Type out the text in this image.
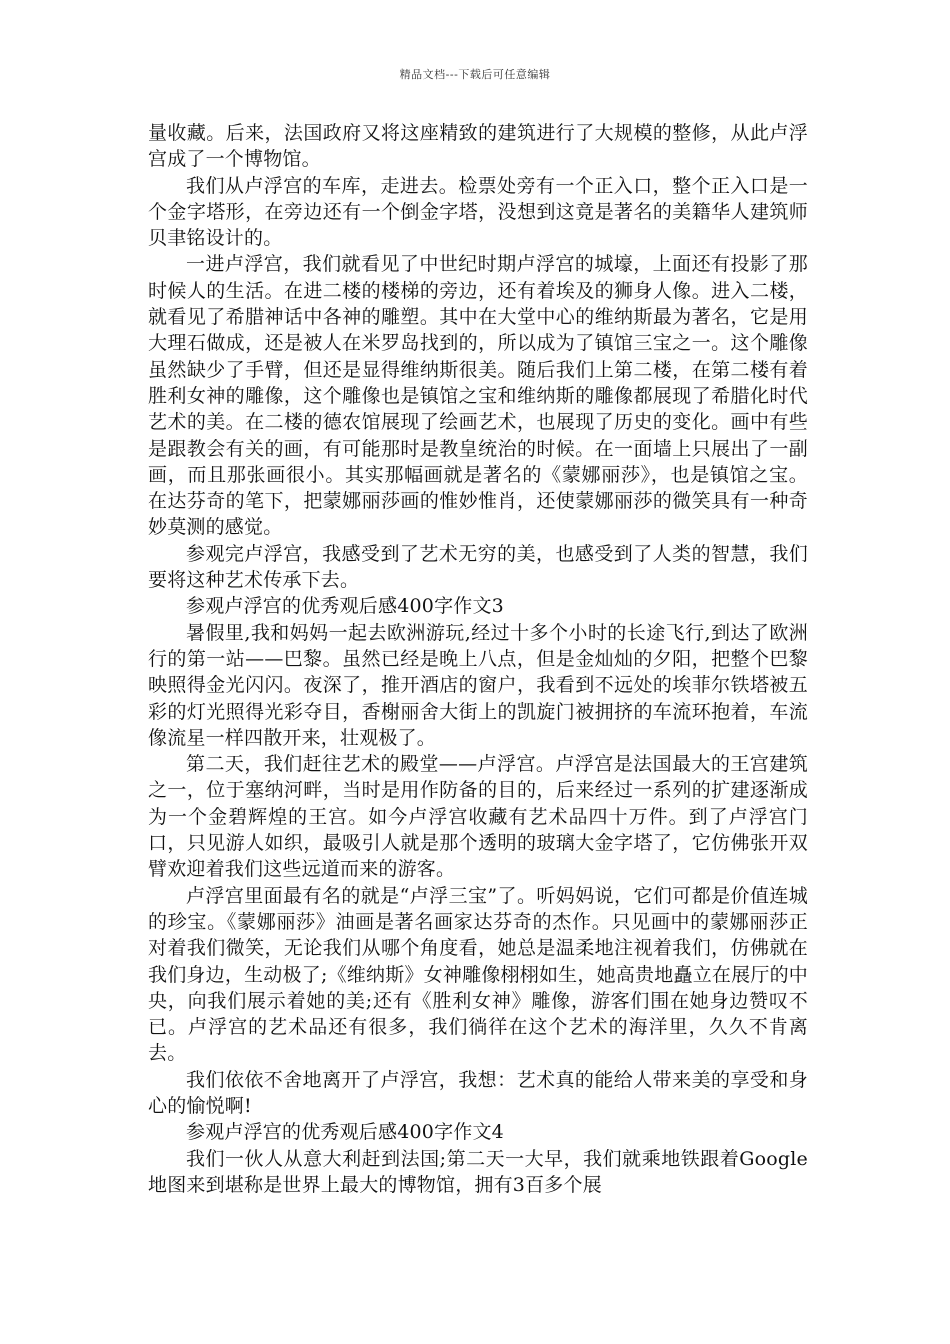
精品文档---下载后可任意编辑

量收藏。后来，法国政府又将这座精致的建筑进行了大规模的整修，从此卢浮宫成了一个博物馆。

我们从卢浮宫的车库，走进去。检票处旁有一个正入口，整个正入口是一个金字塔形，在旁边还有一个倒金字塔，没想到这竟是著名的美籍华人建筑师贝聿铭设计的。

一进卢浮宫，我们就看见了中世纪时期卢浮宫的城壕，上面还有投影了那时候人的生活。在进二楼的楼梯的旁边，还有着埃及的狮身人像。进入二楼，就看见了希腊神话中各神的雕塑。其中在大堂中心的维纳斯最为著名，它是用大理石做成，还是被人在米罗岛找到的，所以成为了镇馆三宝之一。这个雕像虽然缺少了手臂，但还是显得维纳斯很美。随后我们上第二楼，在第二楼有着胜利女神的雕像，这个雕像也是镇馆之宝和维纳斯的雕像都展现了希腊化时代艺术的美。在二楼的德农馆展现了绘画艺术，也展现了历史的变化。画中有些是跟教会有关的画，有可能那时是教皇统治的时候。在一面墙上只展出了一副画，而且那张画很小。其实那幅画就是著名的《蒙娜丽莎》，也是镇馆之宝。在达芬奇的笔下，把蒙娜丽莎画的惟妙惟肖，还使蒙娜丽莎的微笑具有一种奇妙莫测的感觉。

参观完卢浮宫，我感受到了艺术无穷的美，也感受到了人类的智慧，我们要将这种艺术传承下去。

参观卢浮宫的优秀观后感400字作文3

暑假里,我和妈妈一起去欧洲游玩,经过十多个小时的长途飞行,到达了欧洲行的第一站——巴黎。虽然已经是晚上八点，但是金灿灿的夕阳，把整个巴黎映照得金光闪闪。夜深了，推开酒店的窗户，我看到不远处的埃菲尔铁塔被五彩的灯光照得光彩夺目，香榭丽舍大街上的凯旋门被拥挤的车流环抱着，车流像流星一样四散开来，壮观极了。

第二天，我们赶往艺术的殿堂——卢浮宫。卢浮宫是法国最大的王宫建筑之一，位于塞纳河畔，当时是用作防备的目的，后来经过一系列的扩建逐渐成为一个金碧辉煌的王宫。如今卢浮宫收藏有艺术品四十万件。到了卢浮宫门口，只见游人如织，最吸引人就是那个透明的玻璃大金字塔了，它仿佛张开双臂欢迎着我们这些远道而来的游客。

卢浮宫里面最有名的就是“卢浮三宝”了。听妈妈说，它们可都是价值连城的珍宝。《蒙娜丽莎》油画是著名画家达芬奇的杰作。只见画中的蒙娜丽莎正对着我们微笑，无论我们从哪个角度看，她总是温柔地注视着我们，仿佛就在我们身边，生动极了;《维纳斯》女神雕像栩栩如生，她高贵地矗立在展厅的中央，向我们展示着她的美;还有《胜利女神》雕像，游客们围在她身边赞叹不已。卢浮宫的艺术品还有很多，我们徜徉在这个艺术的海洋里，久久不肯离去。

我们依依不舍地离开了卢浮宫，我想：艺术真的能给人带来美的享受和身心的愉悦啊!

参观卢浮宫的优秀观后感400字作文4

我们一伙人从意大利赶到法国;第二天一大早，我们就乘地铁跟着Google地图来到堪称是世界上最大的博物馆，拥有3百多个展
